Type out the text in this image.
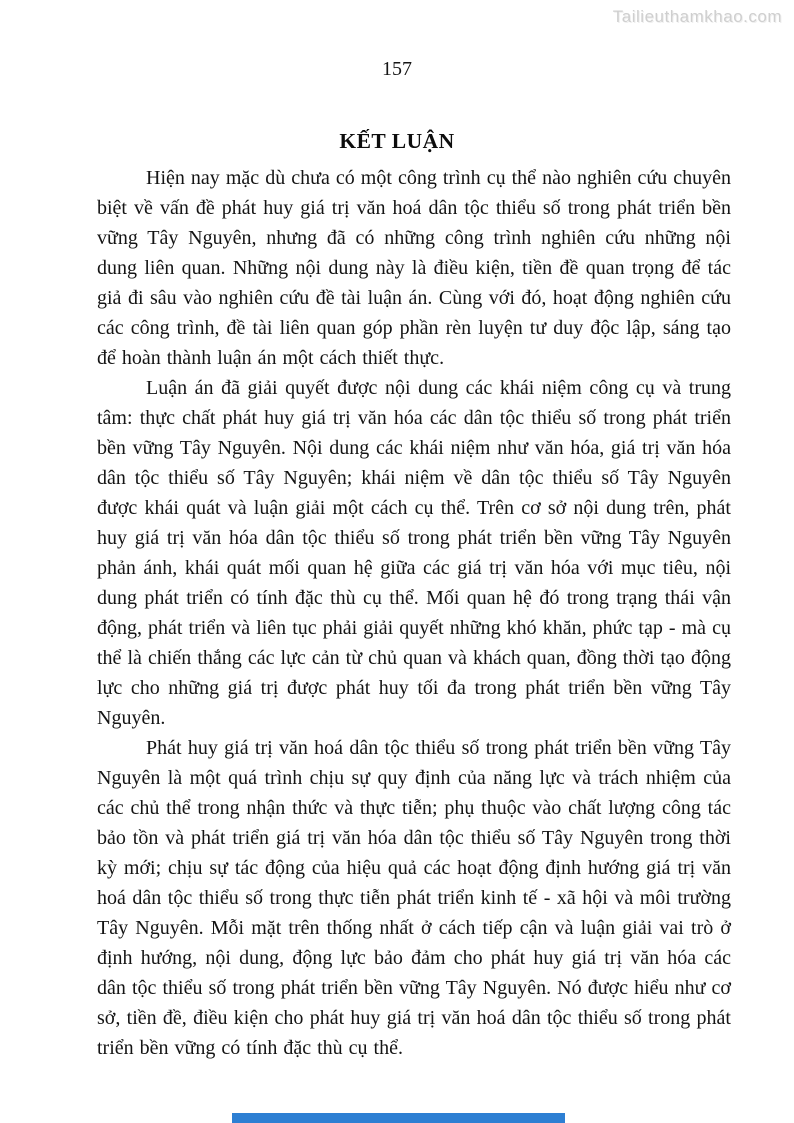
Tailieuthamkhao.com
157
KẾT LUẬN

Hiện nay mặc dù chưa có một công trình cụ thể nào nghiên cứu chuyên biệt về vấn đề phát huy giá trị văn hoá dân tộc thiểu số trong phát triển bền vững Tây Nguyên, nhưng đã có những công trình nghiên cứu những nội dung liên quan. Những nội dung này là điều kiện, tiền đề quan trọng để tác giả đi sâu vào nghiên cứu đề tài luận án. Cùng với đó, hoạt động nghiên cứu các công trình, đề tài liên quan góp phần rèn luyện tư duy độc lập, sáng tạo để hoàn thành luận án một cách thiết thực.

Luận án đã giải quyết được nội dung các khái niệm công cụ và trung tâm: thực chất phát huy giá trị văn hóa các dân tộc thiểu số trong phát triển bền vững Tây Nguyên. Nội dung các khái niệm như văn hóa, giá trị văn hóa dân tộc thiểu số Tây Nguyên; khái niệm về dân tộc thiểu số Tây Nguyên được khái quát và luận giải một cách cụ thể. Trên cơ sở nội dung trên, phát huy giá trị văn hóa dân tộc thiểu số trong phát triển bền vững Tây Nguyên phản ánh, khái quát mối quan hệ giữa các giá trị văn hóa với mục tiêu, nội dung phát triển có tính đặc thù cụ thể. Mối quan hệ đó trong trạng thái vận động, phát triển và liên tục phải giải quyết những khó khăn, phức tạp - mà cụ thể là chiến thắng các lực cản từ chủ quan và khách quan, đồng thời tạo động lực cho những giá trị được phát huy tối đa trong phát triển bền vững Tây Nguyên.

Phát huy giá trị văn hoá dân tộc thiểu số trong phát triển bền vững Tây Nguyên là một quá trình chịu sự quy định của năng lực và trách nhiệm của các chủ thể trong nhận thức và thực tiễn; phụ thuộc vào chất lượng công tác bảo tồn và phát triển giá trị văn hóa dân tộc thiểu số Tây Nguyên trong thời kỳ mới; chịu sự tác động của hiệu quả các hoạt động định hướng giá trị văn hoá dân tộc thiểu số trong thực tiễn phát triển kinh tế - xã hội và môi trường Tây Nguyên. Mỗi mặt trên thống nhất ở cách tiếp cận và luận giải vai trò ở định hướng, nội dung, động lực bảo đảm cho phát huy giá trị văn hóa các dân tộc thiểu số trong phát triển bền vững Tây Nguyên. Nó được hiểu như cơ sở, tiền đề, điều kiện cho phát huy giá trị văn hoá dân tộc thiểu số trong phát triển bền vững có tính đặc thù cụ thể.
